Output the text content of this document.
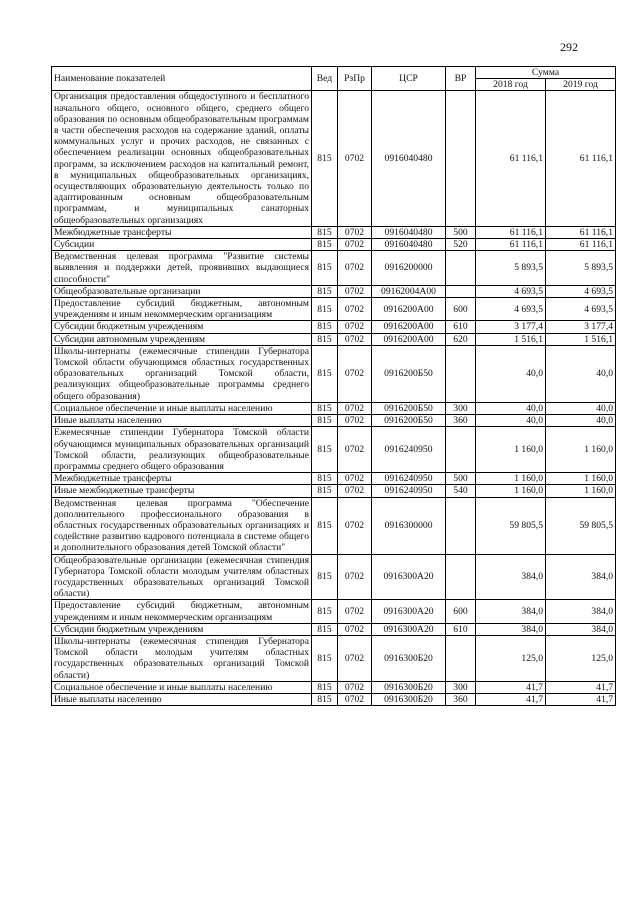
292
Наименование показателей	Вед	РзПр	ЦСР	ВР	Сумма	
					2018 год	2019 год
Организация предоставления общедоступного и бесплатного начального общего, основного общего, среднего общего образования по основным общеобразовательным программам в части обеспечения расходов на содержание зданий, оплаты коммунальных услуг и прочих расходов, не связанных с обеспечением реализации основных общеобразовательных программ, за исключением расходов на капитальный ремонт, в муниципальных общеобразовательных организациях, осуществляющих образовательную деятельность только по адаптированным основным общеобразовательным программам, и муниципальных санаторных общеобразовательных организациях	815	0702	0916040480		61 116,1	61 116,1
Межбюджетные трансферты	815	0702	0916040480	500	61 116,1	61 116,1
Субсидии	815	0702	0916040480	520	61 116,1	61 116,1
Ведомственная целевая программа "Развитие системы выявления и поддержки детей, проявивших выдающиеся способности"	815	0702	0916200000		5 893,5	5 893,5
Общеобразовательные организации	815	0702	09162004А00		4 693,5	4 693,5
Предоставление субсидий бюджетным, автономным учреждениям и иным некоммерческим организациям	815	0702	0916200А00	600	4 693,5	4 693,5
Субсидии бюджетным учреждениям	815	0702	0916200А00	610	3 177,4	3 177,4
Субсидии автономным учреждениям	815	0702	0916200А00	620	1 516,1	1 516,1
Школы-интернаты (ежемесячные стипендии Губернатора Томской области обучающимся областных государственных образовательных организаций Томской области, реализующих общеобразовательные программы среднего общего образования)	815	0702	0916200Б50		40,0	40,0
Социальное обеспечение и иные выплаты населению	815	0702	0916200Б50	300	40,0	40,0
Иные выплаты населению	815	0702	0916200Б50	360	40,0	40,0
Ежемесячные стипендии Губернатора Томской области обучающимся муниципальных образовательных организаций Томской области, реализующих общеобразовательные программы среднего общего образования	815	0702	0916240950		1 160,0	1 160,0
Межбюджетные трансферты	815	0702	0916240950	500	1 160,0	1 160,0
Иные межбюджетные трансферты	815	0702	0916240950	540	1 160,0	1 160,0
Ведомственная целевая программа "Обеспечение дополнительного профессионального образования в областных государственных образовательных организациях и содействие развитию кадрового потенциала в системе общего и дополнительного образования детей Томской области"	815	0702	0916300000		59 805,5	59 805,5
Общеобразовательные организации (ежемесячная стипендия Губернатора Томской области молодым учителям областных государственных образовательных организаций Томской области)	815	0702	0916300А20		384,0	384,0
Предоставление субсидий бюджетным, автономным учреждениям и иным некоммерческим организациям	815	0702	0916300А20	600	384,0	384,0
Субсидии бюджетным учреждениям	815	0702	0916300А20	610	384,0	384,0
Школы-интернаты (ежемесячная стипендия Губернатора Томской области молодым учителям областных государственных образовательных организаций Томской области)	815	0702	0916300Б20		125,0	125,0
Социальное обеспечение и иные выплаты населению	815	0702	0916300Б20	300	41,7	41,7
Иные выплаты населению	815	0702	0916300Б20	360	41,7	41,7
